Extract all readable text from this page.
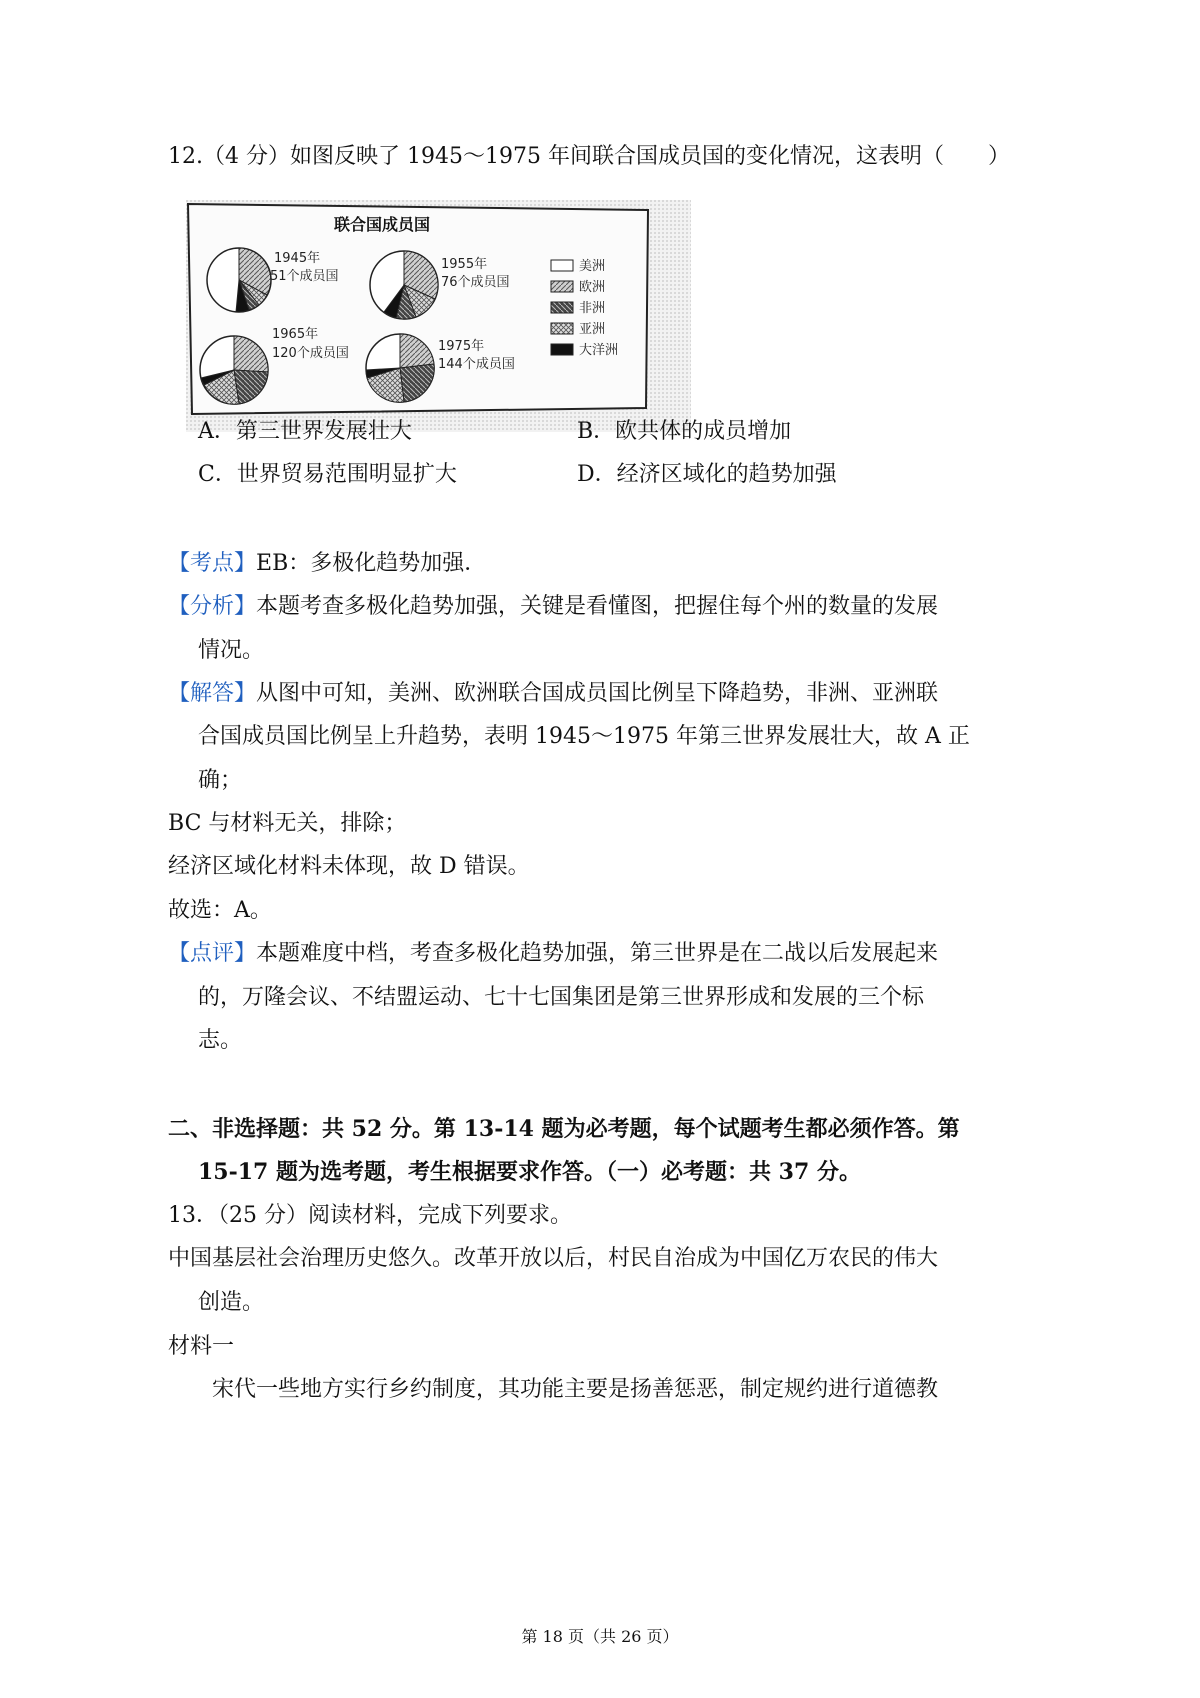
12.（4 分）如图反映了 1945～1975 年间联合国成员国的变化情况，这表明（　　）
联合国成员国
1945年
51个成员国
1955年
76个成员国
1965年
120个成员国	1975年
144个成员国
美洲
欧洲
非洲
亚洲
大洋洲
A．第三世界发展壮大	B．欧共体的成员增加
C．世界贸易范围明显扩大	D．经济区域化的趋势加强
【考点】EB：多极化趋势加强．
【分析】本题考查多极化趋势加强，关键是看懂图，把握住每个州的数量的发展
情况。
【解答】从图中可知，美洲、欧洲联合国成员国比例呈下降趋势，非洲、亚洲联
合国成员国比例呈上升趋势，表明 1945～1975 年第三世界发展壮大，故 A 正
确；
BC 与材料无关，排除；
经济区域化材料未体现，故 D 错误。
故选：A。
【点评】本题难度中档，考查多极化趋势加强，第三世界是在二战以后发展起来
的，万隆会议、不结盟运动、七十七国集团是第三世界形成和发展的三个标
志。
二、非选择题：共 52 分。第 13-14 题为必考题，每个试题考生都必须作答。第
15-17 题为选考题，考生根据要求作答。（一）必考题：共 37 分。
13．（25 分）阅读材料，完成下列要求。
中国基层社会治理历史悠久。改革开放以后，村民自治成为中国亿万农民的伟大
创造。
材料一
宋代一些地方实行乡约制度，其功能主要是扬善惩恶，制定规约进行道德教
第 18 页（共 26 页）
